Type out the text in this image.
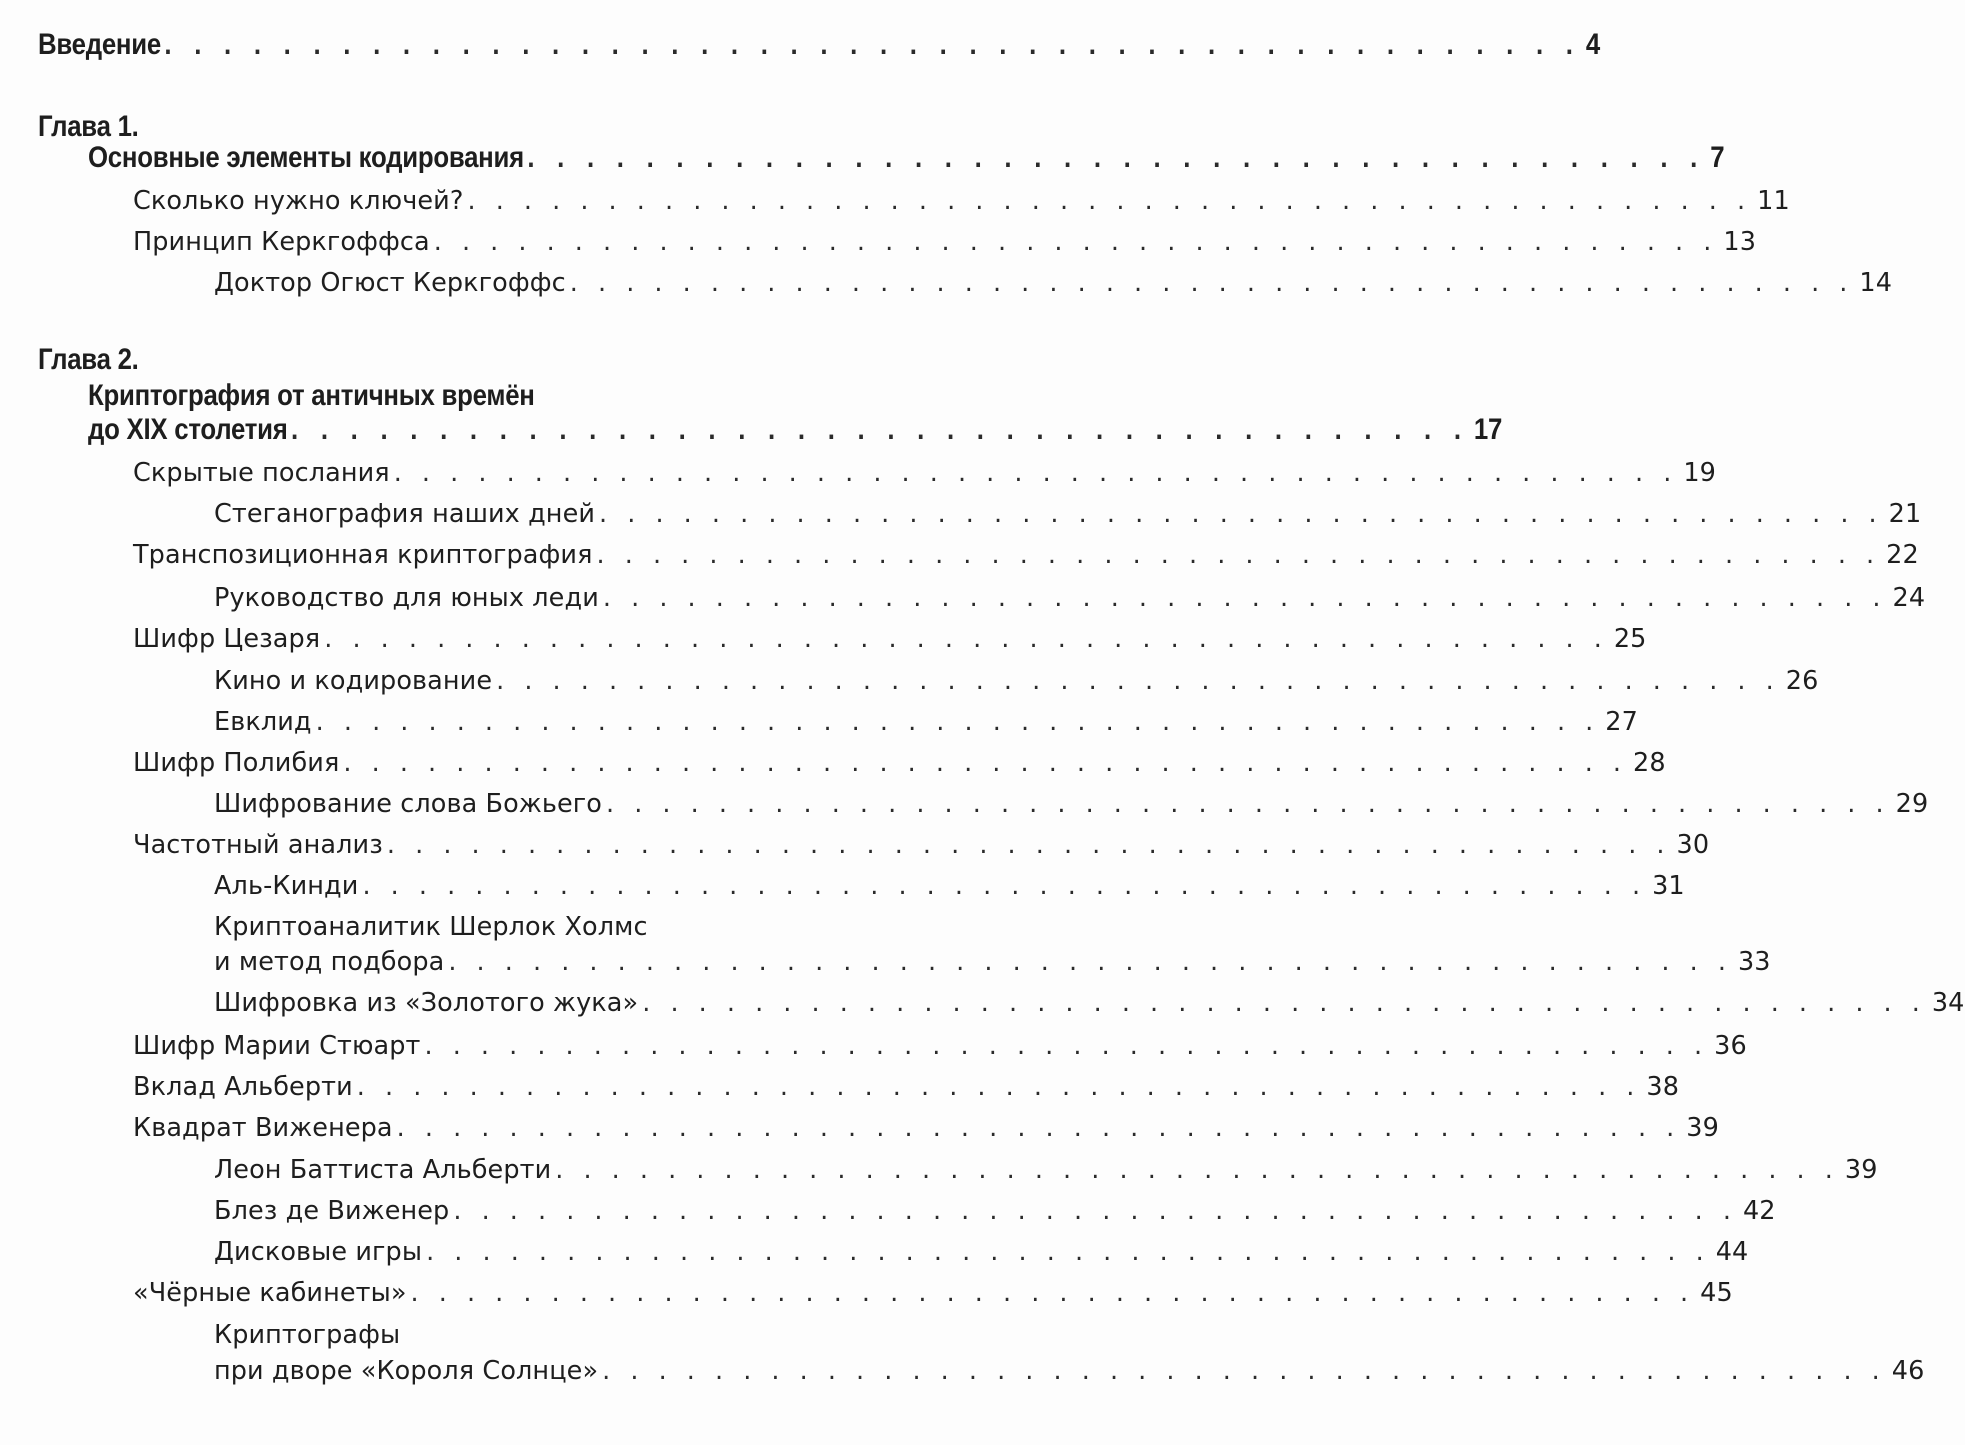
Введение . . . . . . . . . . . . . . . . . . . . . . . . . . . . . . . . . . . . . . . . . . . . . . . . 4
Глава 1.
Основные элементы кодирования . . . . . . . . . . . . . . . . . . . . . . . . . . . . . . . . . . . . . . . . 7
Сколько нужно ключей? . . . . . . . . . . . . . . . . . . . . . . . . . . . . . . . . . . . . . . . . . . . . . . 11
Принцип Керкгоффса . . . . . . . . . . . . . . . . . . . . . . . . . . . . . . . . . . . . . . . . . . . . . . 13
Доктор Огюст Керкгоффс . . . . . . . . . . . . . . . . . . . . . . . . . . . . . . . . . . . . . . . . . . . . . . 14
Глава 2.
Криптография от античных времён
до XIX столетия . . . . . . . . . . . . . . . . . . . . . . . . . . . . . . . . . . . . . . . . 17
Скрытые послания . . . . . . . . . . . . . . . . . . . . . . . . . . . . . . . . . . . . . . . . . . . . . . 19
Стеганография наших дней . . . . . . . . . . . . . . . . . . . . . . . . . . . . . . . . . . . . . . . . . . . . . . 21
Транспозиционная криптография . . . . . . . . . . . . . . . . . . . . . . . . . . . . . . . . . . . . . . . . . . . . . . 22
Руководство для юных леди . . . . . . . . . . . . . . . . . . . . . . . . . . . . . . . . . . . . . . . . . . . . . . 24
Шифр Цезаря . . . . . . . . . . . . . . . . . . . . . . . . . . . . . . . . . . . . . . . . . . . . . . 25
Кино и кодирование . . . . . . . . . . . . . . . . . . . . . . . . . . . . . . . . . . . . . . . . . . . . . . 26
Евклид . . . . . . . . . . . . . . . . . . . . . . . . . . . . . . . . . . . . . . . . . . . . . . 27
Шифр Полибия . . . . . . . . . . . . . . . . . . . . . . . . . . . . . . . . . . . . . . . . . . . . . . 28
Шифрование слова Божьего . . . . . . . . . . . . . . . . . . . . . . . . . . . . . . . . . . . . . . . . . . . . . . 29
Частотный анализ . . . . . . . . . . . . . . . . . . . . . . . . . . . . . . . . . . . . . . . . . . . . . . 30
Аль-Кинди . . . . . . . . . . . . . . . . . . . . . . . . . . . . . . . . . . . . . . . . . . . . . . 31
Криптоаналитик Шерлок Холмс
и метод подбора . . . . . . . . . . . . . . . . . . . . . . . . . . . . . . . . . . . . . . . . . . . . . . 33
Шифровка из «Золотого жука» . . . . . . . . . . . . . . . . . . . . . . . . . . . . . . . . . . . . . . . . . . . . . . 34
Шифр Марии Стюарт . . . . . . . . . . . . . . . . . . . . . . . . . . . . . . . . . . . . . . . . . . . . . . 36
Вклад Альберти . . . . . . . . . . . . . . . . . . . . . . . . . . . . . . . . . . . . . . . . . . . . . . 38
Квадрат Виженера . . . . . . . . . . . . . . . . . . . . . . . . . . . . . . . . . . . . . . . . . . . . . . 39
Леон Баттиста Альберти . . . . . . . . . . . . . . . . . . . . . . . . . . . . . . . . . . . . . . . . . . . . . . 39
Блез де Виженер . . . . . . . . . . . . . . . . . . . . . . . . . . . . . . . . . . . . . . . . . . . . . . 42
Дисковые игры . . . . . . . . . . . . . . . . . . . . . . . . . . . . . . . . . . . . . . . . . . . . . . 44
«Чёрные кабинеты» . . . . . . . . . . . . . . . . . . . . . . . . . . . . . . . . . . . . . . . . . . . . . . 45
Криптографы
при дворе «Короля Солнце» . . . . . . . . . . . . . . . . . . . . . . . . . . . . . . . . . . . . . . . . . . . . . . 46
